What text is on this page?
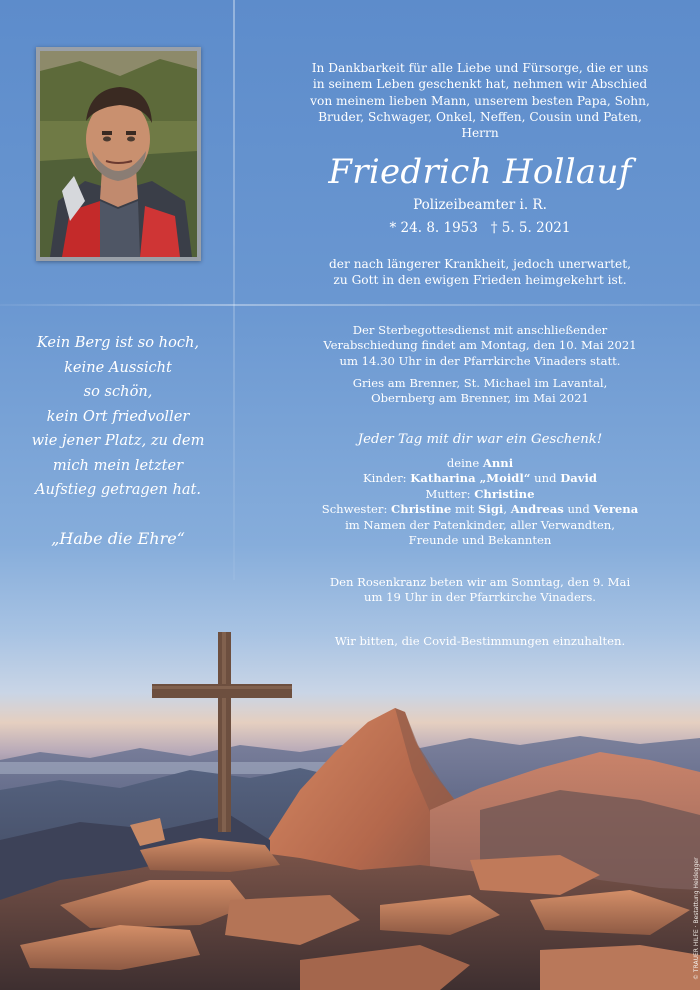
In Dankbarkeit für alle Liebe und Fürsorge, die er uns
in seinem Leben geschenkt hat, nehmen wir Abschied
von meinem lieben Mann, unserem besten Papa, Sohn,
Bruder, Schwager, Onkel, Neffen, Cousin und Paten,
Herrn
Friedrich Hollauf
Polizeibeamter i. R.
* 24. 8. 1953   † 5. 5. 2021
der nach längerer Krankheit, jedoch unerwartet,
zu Gott in den ewigen Frieden heimgekehrt ist.
Der Sterbegottesdienst mit anschließender
Verabschiedung findet am Montag, den 10. Mai 2021
um 14.30 Uhr in der Pfarrkirche Vinaders statt.
Gries am Brenner, St. Michael im Lavantal,
Obernberg am Brenner, im Mai 2021
Jeder Tag mit dir war ein Geschenk!
deine Anni
Kinder: Katharina „Moidl“ und David
Mutter: Christine
Schwester: Christine mit Sigi, Andreas und Verena
im Namen der Patenkinder, aller Verwandten,
Freunde und Bekannten
Den Rosenkranz beten wir am Sonntag, den 9. Mai
um 19 Uhr in der Pfarrkirche Vinaders.
Wir bitten, die Covid-Bestimmungen einzuhalten.
Kein Berg ist so hoch,
keine Aussicht
so schön,
kein Ort friedvoller
wie jener Platz, zu dem
mich mein letzter
Aufstieg getragen hat.
„Habe die Ehre“
© TRAUER HILFE · Bestattung Heidegger
